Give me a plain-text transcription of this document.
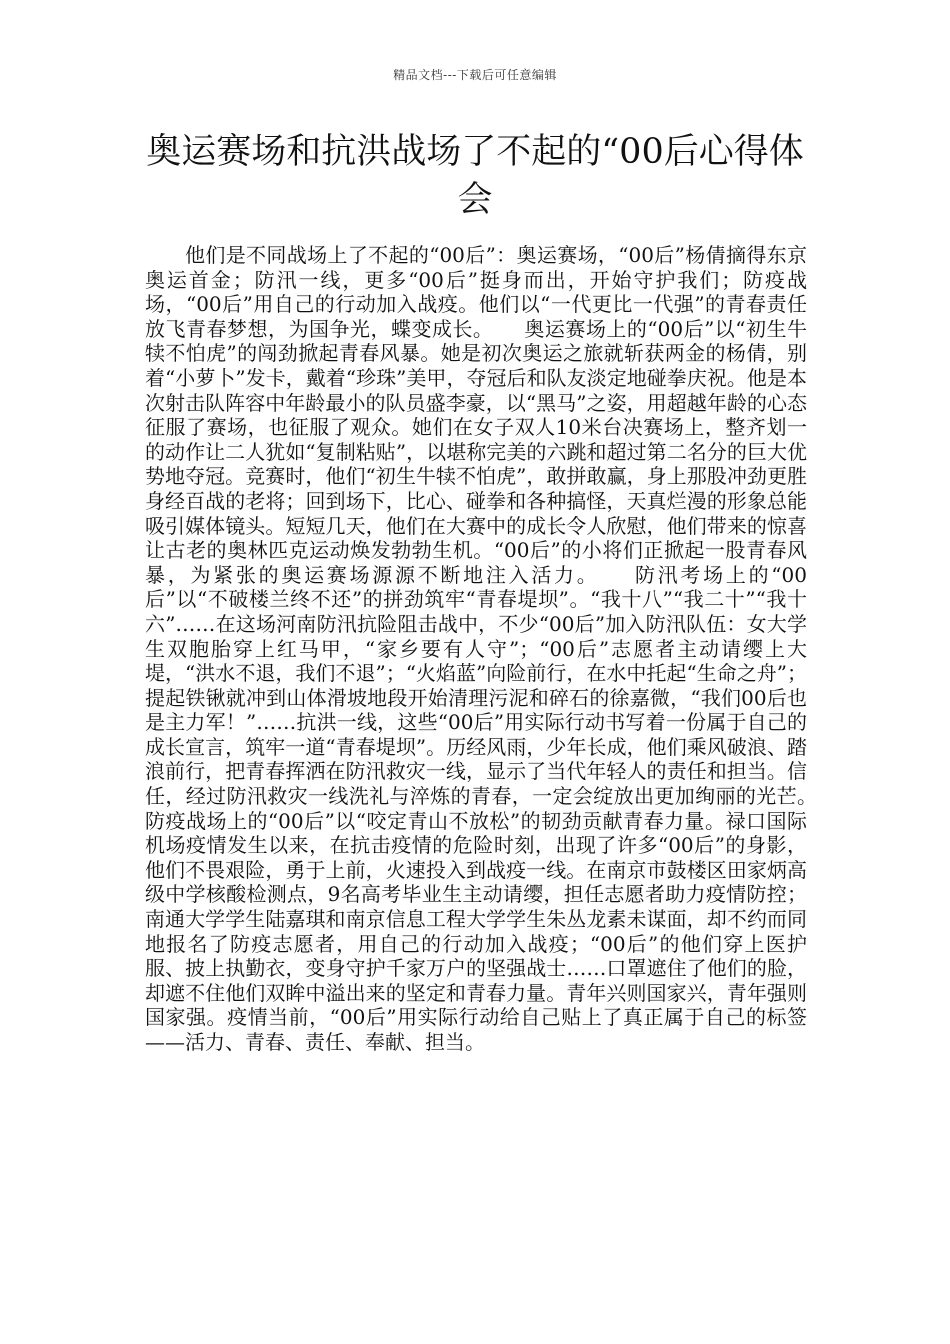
精品文档---下载后可任意编辑
奥运赛场和抗洪战场了不起的“00后心得体会

他们是不同战场上了不起的“00后”：奥运赛场，“00后”杨倩摘得东京奥运首金；防汛一线，更多“00后”挺身而出，开始守护我们；防疫战场，“00后”用自己的行动加入战疫。他们以“一代更比一代强”的青春责任放飞青春梦想，为国争光，蝶变成长。　　奥运赛场上的“00后”以“初生牛犊不怕虎”的闯劲掀起青春风暴。她是初次奥运之旅就斩获两金的杨倩，别着“小萝卜”发卡，戴着“珍珠”美甲，夺冠后和队友淡定地碰拳庆祝。他是本次射击队阵容中年龄最小的队员盛李豪，以“黑马”之姿，用超越年龄的心态征服了赛场，也征服了观众。她们在女子双人10米台决赛场上，整齐划一的动作让二人犹如“复制粘贴”，以堪称完美的六跳和超过第二名分的巨大优势地夺冠。竞赛时，他们“初生牛犊不怕虎”，敢拼敢赢，身上那股冲劲更胜身经百战的老将；回到场下，比心、碰拳和各种搞怪，天真烂漫的形象总能吸引媒体镜头。短短几天，他们在大赛中的成长令人欣慰，他们带来的惊喜让古老的奥林匹克运动焕发勃勃生机。“00后”的小将们正掀起一股青春风暴，为紧张的奥运赛场源源不断地注入活力。　　防汛考场上的“00后”以“不破楼兰终不还”的拼劲筑牢“青春堤坝”。“我十八”“我二十”“我十六”……在这场河南防汛抗险阻击战中，不少“00后”加入防汛队伍：女大学生双胞胎穿上红马甲，“家乡要有人守”；“00后”志愿者主动请缨上大堤，“洪水不退，我们不退”；“火焰蓝”向险前行，在水中托起“生命之舟”；提起铁锹就冲到山体滑坡地段开始清理污泥和碎石的徐嘉微，“我们00后也是主力军！”……抗洪一线，这些“00后”用实际行动书写着一份属于自己的成长宣言，筑牢一道“青春堤坝”。历经风雨，少年长成，他们乘风破浪、踏浪前行，把青春挥洒在防汛救灾一线，显示了当代年轻人的责任和担当。信任，经过防汛救灾一线洗礼与淬炼的青春，一定会绽放出更加绚丽的光芒。　　防疫战场上的“00后”以“咬定青山不放松”的韧劲贡献青春力量。禄口国际机场疫情发生以来，在抗击疫情的危险时刻，出现了许多“00后”的身影，他们不畏艰险，勇于上前，火速投入到战疫一线。在南京市鼓楼区田家炳高级中学核酸检测点，9名高考毕业生主动请缨，担任志愿者助力疫情防控；南通大学学生陆嘉琪和南京信息工程大学学生朱丛龙素未谋面，却不约而同地报名了防疫志愿者，用自己的行动加入战疫；“00后”的他们穿上医护服、披上执勤衣，变身守护千家万户的坚强战士……口罩遮住了他们的脸，却遮不住他们双眸中溢出来的坚定和青春力量。青年兴则国家兴，青年强则国家强。疫情当前，“00后”用实际行动给自己贴上了真正属于自己的标签——活力、青春、责任、奉献、担当。
